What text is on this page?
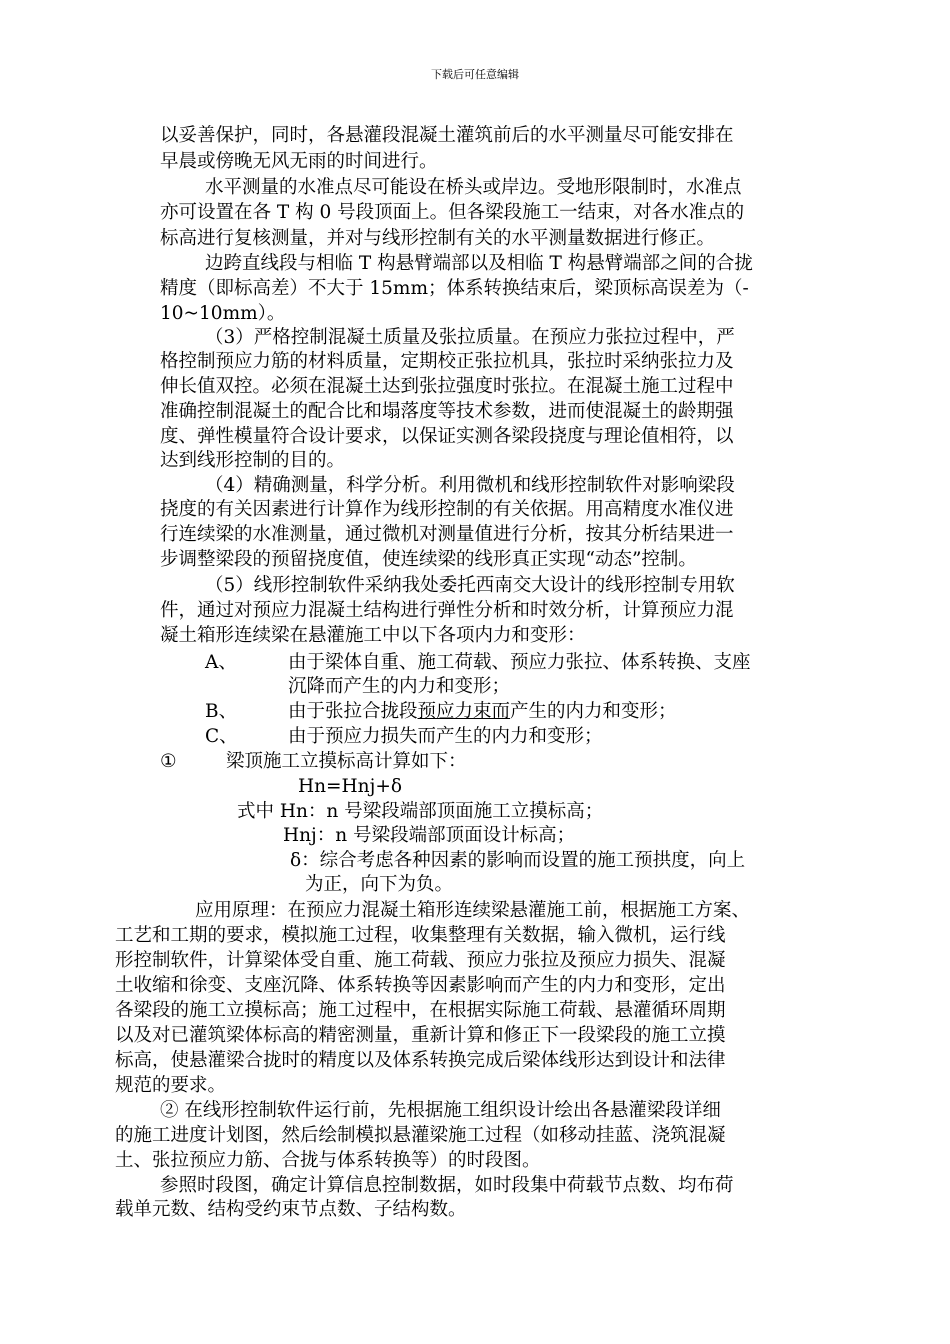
下载后可任意编辑
以妥善保护，同时，各悬灌段混凝土灌筑前后的水平测量尽可能安排在
早晨或傍晚无风无雨的时间进行。
水平测量的水准点尽可能设在桥头或岸边。受地形限制时，水准点
亦可设置在各 T 构 0 号段顶面上。但各梁段施工一结束，对各水准点的
标高进行复核测量，并对与线形控制有关的水平测量数据进行修正。
边跨直线段与相临 T 构悬臂端部以及相临 T 构悬臂端部之间的合拢
精度（即标高差）不大于 15mm；体系转换结束后，梁顶标高误差为（-
10~10mm）。
（3）严格控制混凝土质量及张拉质量。在预应力张拉过程中，严
格控制预应力筋的材料质量，定期校正张拉机具，张拉时采纳张拉力及
伸长值双控。必须在混凝土达到张拉强度时张拉。在混凝土施工过程中
准确控制混凝土的配合比和塌落度等技术参数，进而使混凝土的龄期强
度、弹性模量符合设计要求，以保证实测各梁段挠度与理论值相符，以
达到线形控制的目的。
（4）精确测量，科学分析。利用微机和线形控制软件对影响梁段
挠度的有关因素进行计算作为线形控制的有关依据。用高精度水准仪进
行连续梁的水准测量，通过微机对测量值进行分析，按其分析结果进一
步调整梁段的预留挠度值，使连续梁的线形真正实现“动态”控制。
（5）线形控制软件采纳我处委托西南交大设计的线形控制专用软
件，通过对预应力混凝土结构进行弹性分析和时效分析，计算预应力混
凝土箱形连续梁在悬灌施工中以下各项内力和变形：
A、	由于梁体自重、施工荷载、预应力张拉、体系转换、支座
沉降而产生的内力和变形；
B、	由于张拉合拢段预应力束而产生的内力和变形；
C、	由于预应力损失而产生的内力和变形；
①	梁顶施工立摸标高计算如下：
Hn=Hnj+δ
式中 Hn：n 号梁段端部顶面施工立摸标高；
Hnj：n 号梁段端部顶面设计标高；
δ：综合考虑各种因素的影响而设置的施工预拱度，向上
为正，向下为负。
应用原理：在预应力混凝土箱形连续梁悬灌施工前，根据施工方案、
工艺和工期的要求，模拟施工过程，收集整理有关数据，输入微机，运行线
形控制软件，计算梁体受自重、施工荷载、预应力张拉及预应力损失、混凝
土收缩和徐变、支座沉降、体系转换等因素影响而产生的内力和变形，定出
各梁段的施工立摸标高；施工过程中，在根据实际施工荷载、悬灌循环周期
以及对已灌筑梁体标高的精密测量，重新计算和修正下一段梁段的施工立摸
标高，使悬灌梁合拢时的精度以及体系转换完成后梁体线形达到设计和法律
规范的要求。
② 在线形控制软件运行前，先根据施工组织设计绘出各悬灌梁段详细
的施工进度计划图，然后绘制模拟悬灌梁施工过程（如移动挂蓝、浇筑混凝
土、张拉预应力筋、合拢与体系转换等）的时段图。
参照时段图，确定计算信息控制数据，如时段集中荷载节点数、均布荷
载单元数、结构受约束节点数、子结构数。
